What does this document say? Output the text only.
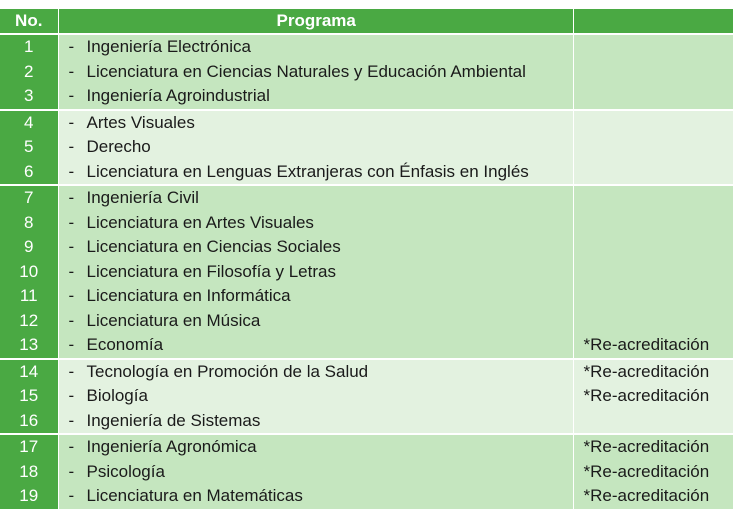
No.	Programa	
1	- Ingeniería Electrónica	
2	- Licenciatura en Ciencias Naturales y Educación Ambiental	
3	- Ingeniería Agroindustrial	
4	- Artes Visuales	
5	- Derecho	
6	- Licenciatura en Lenguas Extranjeras con Énfasis en Inglés	
7	- Ingeniería Civil	
8	- Licenciatura en Artes Visuales	
9	- Licenciatura en Ciencias Sociales	
10	- Licenciatura en Filosofía y Letras	
11	- Licenciatura en Informática	
12	- Licenciatura en Música	
13	- Economía	*Re-acreditación
14	- Tecnología en Promoción de la Salud	*Re-acreditación
15	- Biología	*Re-acreditación
16	- Ingeniería de Sistemas	
17	- Ingeniería Agronómica	*Re-acreditación
18	- Psicología	*Re-acreditación
19	- Licenciatura en Matemáticas	*Re-acreditación
